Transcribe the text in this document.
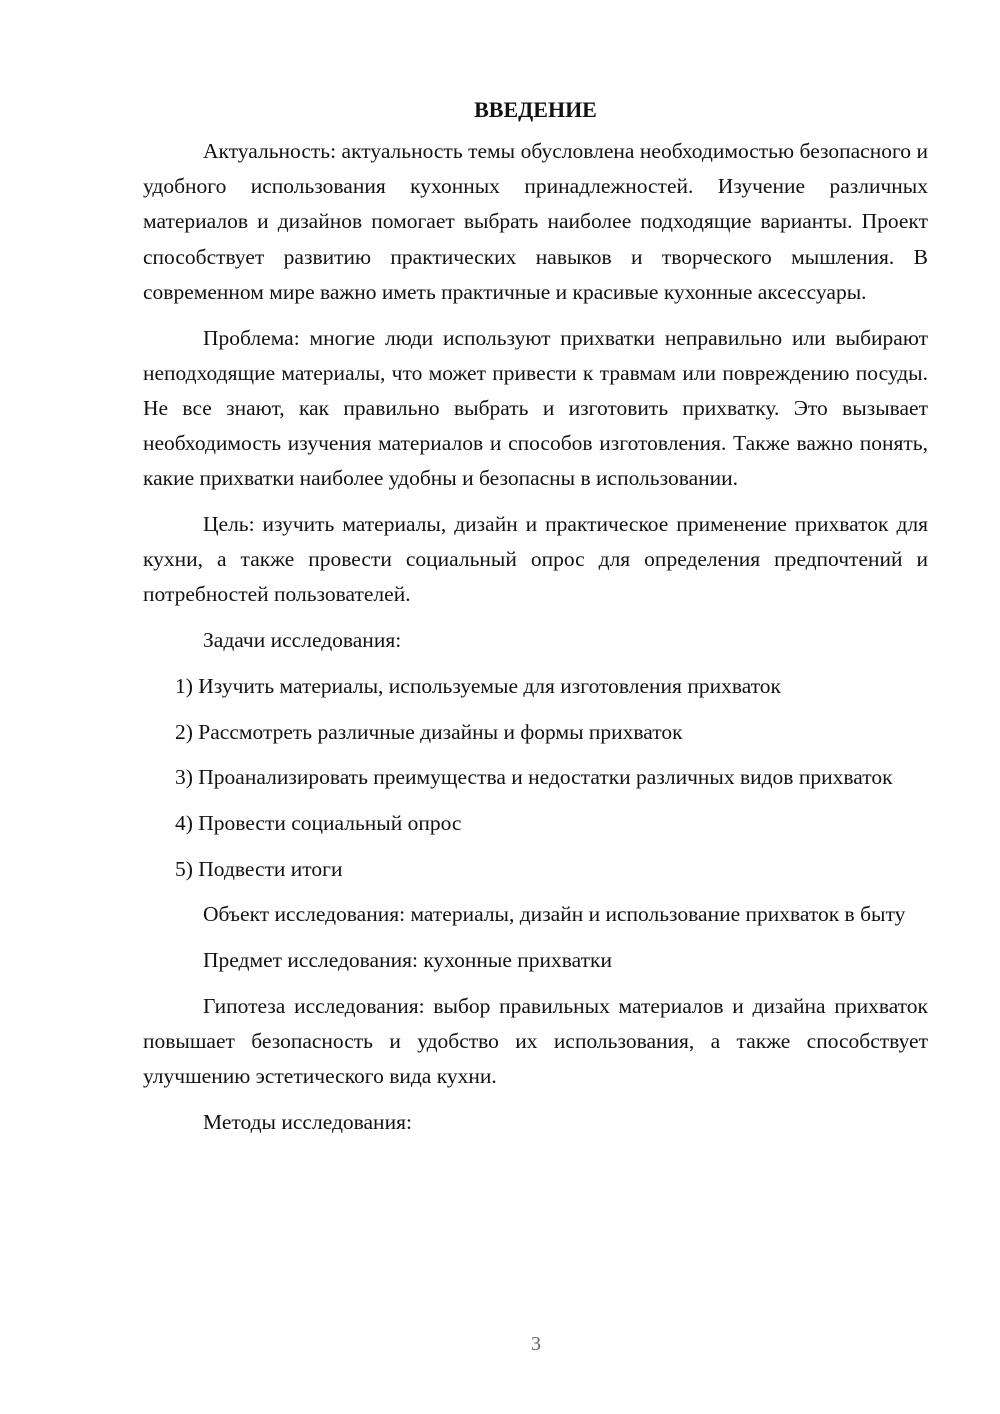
ВВЕДЕНИЕ

Актуальность: актуальность темы обусловлена необходимостью безопасного и удобного использования кухонных принадлежностей. Изучение различных материалов и дизайнов помогает выбрать наиболее подходящие варианты. Проект способствует развитию практических навыков и творческого мышления. В современном мире важно иметь практичные и красивые кухонные аксессуары.

Проблема: многие люди используют прихватки неправильно или выбирают неподходящие материалы, что может привести к травмам или повреждению посуды. Не все знают, как правильно выбрать и изготовить прихватку. Это вызывает необходимость изучения материалов и способов изготовления. Также важно понять, какие прихватки наиболее удобны и безопасны в использовании.

Цель: изучить материалы, дизайн и практическое применение прихваток для кухни, а также провести социальный опрос для определения предпочтений и потребностей пользователей.

Задачи исследования:

1) Изучить материалы, используемые для изготовления прихваток

2) Рассмотреть различные дизайны и формы прихваток

3) Проанализировать преимущества и недостатки различных видов прихваток

4) Провести социальный опрос

5) Подвести итоги

Объект исследования: материалы, дизайн и использование прихваток в быту

Предмет исследования: кухонные прихватки

Гипотеза исследования: выбор правильных материалов и дизайна прихваток повышает безопасность и удобство их использования, а также способствует улучшению эстетического вида кухни.

Методы исследования:

3
